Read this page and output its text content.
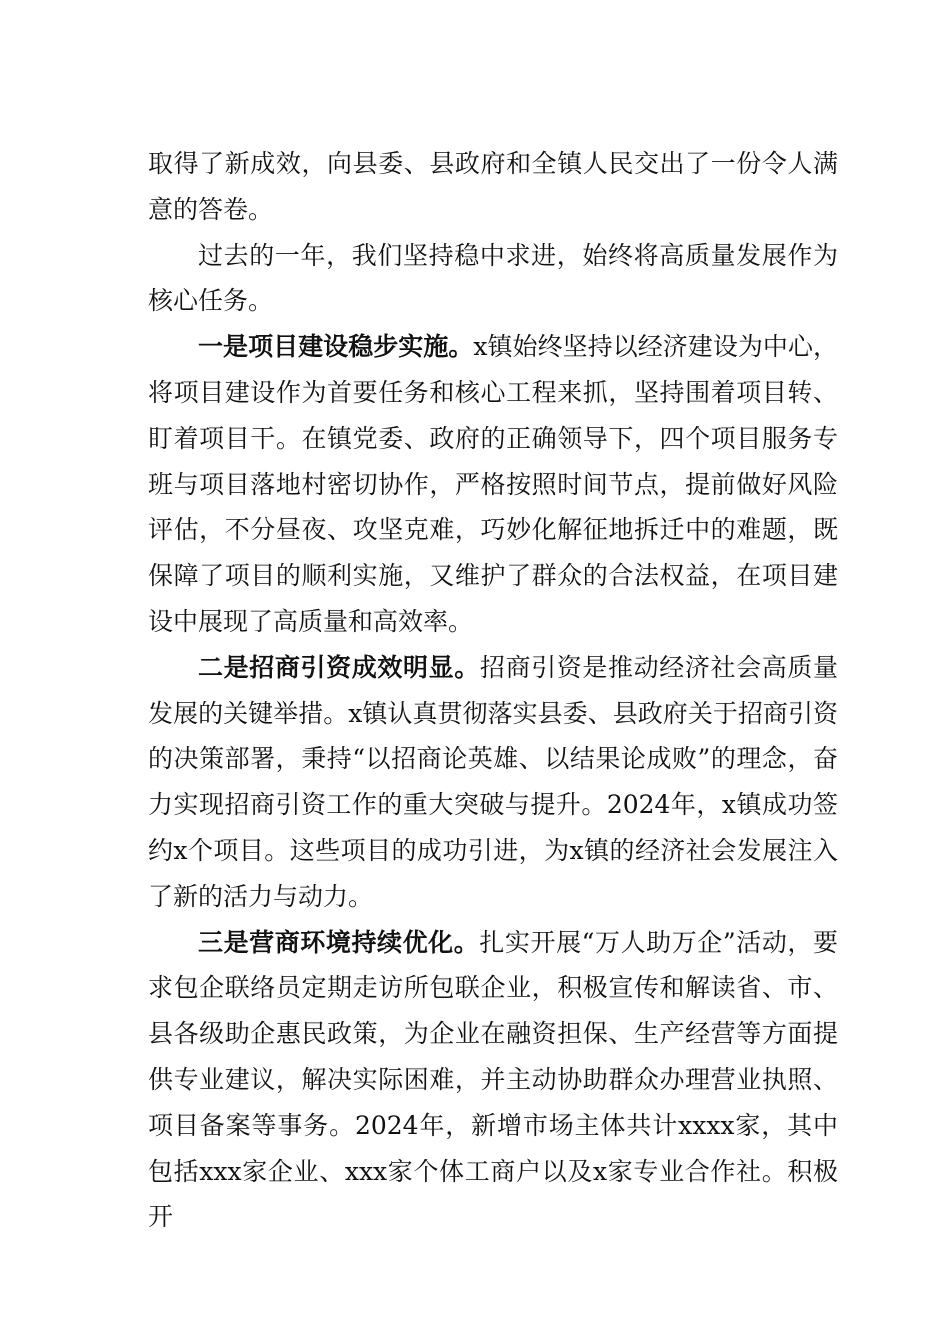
取得了新成效，向县委、县政府和全镇人民交出了一份令人满意的答卷。

过去的一年，我们坚持稳中求进，始终将高质量发展作为核心任务。

一是项目建设稳步实施。x镇始终坚持以经济建设为中心，将项目建设作为首要任务和核心工程来抓，坚持围着项目转、盯着项目干。在镇党委、政府的正确领导下，四个项目服务专班与项目落地村密切协作，严格按照时间节点，提前做好风险评估，不分昼夜、攻坚克难，巧妙化解征地拆迁中的难题，既保障了项目的顺利实施，又维护了群众的合法权益，在项目建设中展现了高质量和高效率。

二是招商引资成效明显。招商引资是推动经济社会高质量发展的关键举措。x镇认真贯彻落实县委、县政府关于招商引资的决策部署，秉持“以招商论英雄、以结果论成败”的理念，奋力实现招商引资工作的重大突破与提升。2024年，x镇成功签约x个项目。这些项目的成功引进，为x镇的经济社会发展注入了新的活力与动力。

三是营商环境持续优化。扎实开展“万人助万企”活动，要求包企联络员定期走访所包联企业，积极宣传和解读省、市、县各级助企惠民政策，为企业在融资担保、生产经营等方面提供专业建议，解决实际困难，并主动协助群众办理营业执照、项目备案等事务。2024年，新增市场主体共计xxxx家，其中包括xxx家企业、xxx家个体工商户以及x家专业合作社。积极开
